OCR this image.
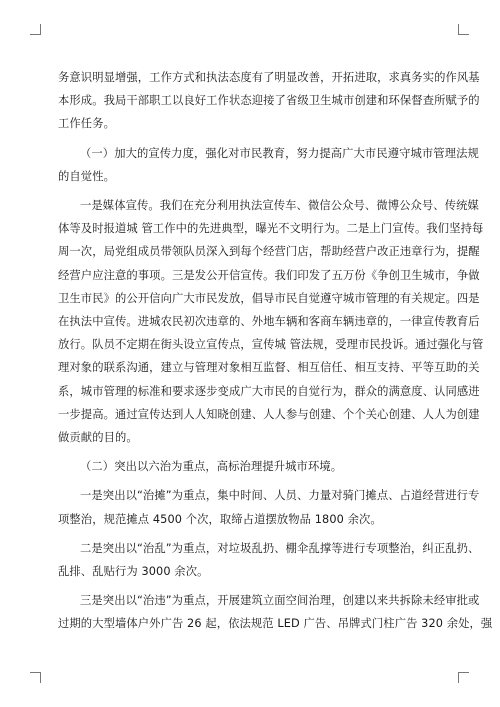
务意识明显增强，工作方式和执法态度有了明显改善，开拓进取，求真务实的作风基
本形成。我局干部职工以良好工作状态迎接了省级卫生城市创建和环保督查所赋予的
工作任务。

（一）加大的宣传力度，强化对市民教育，努力提高广大市民遵守城市管理法规
的自觉性。

一是媒体宣传。我们在充分利用执法宣传车、微信公众号、微博公众号、传统媒
体等及时报道城 管工作中的先进典型，曝光不文明行为。二是上门宣传。我们坚持每
周一次，局党组成员带领队员深入到每个经营门店，帮助经营户改正违章行为，提醒
经营户应注意的事项。三是发公开信宣传。我们印发了五万份《争创卫生城市，争做
卫生市民》的公开信向广大市民发放，倡导市民自觉遵守城市管理的有关规定。四是
在执法中宣传。进城农民初次违章的、外地车辆和客商车辆违章的，一律宣传教育后
放行。队员不定期在街头设立宣传点，宣传城 管法规，受理市民投诉。通过强化与管
理对象的联系沟通，建立与管理对象相互监督、相互信任、相互支持、平等互助的关
系，城市管理的标准和要求逐步变成广大市民的自觉行为，群众的满意度、认同感进
一步提高。通过宣传达到人人知晓创建、人人参与创建、个个关心创建、人人为创建
做贡献的目的。

（二）突出以六治为重点，高标治理提升城市环境。

一是突出以“治摊”为重点，集中时间、人员、力量对骑门摊点、占道经营进行专
项整治，规范摊点 4500 个次，取缔占道摆放物品 1800 余次。

二是突出以“治乱”为重点，对垃圾乱扔、棚伞乱撑等进行专项整治，纠正乱扔、
乱排、乱贴行为 3000 余次。

三是突出以“治违”为重点，开展建筑立面空间治理，创建以来共拆除未经审批或
过期的大型墙体户外广告 26 起，依法规范 LED 广告、吊牌式门柱广告 320 余处，强
